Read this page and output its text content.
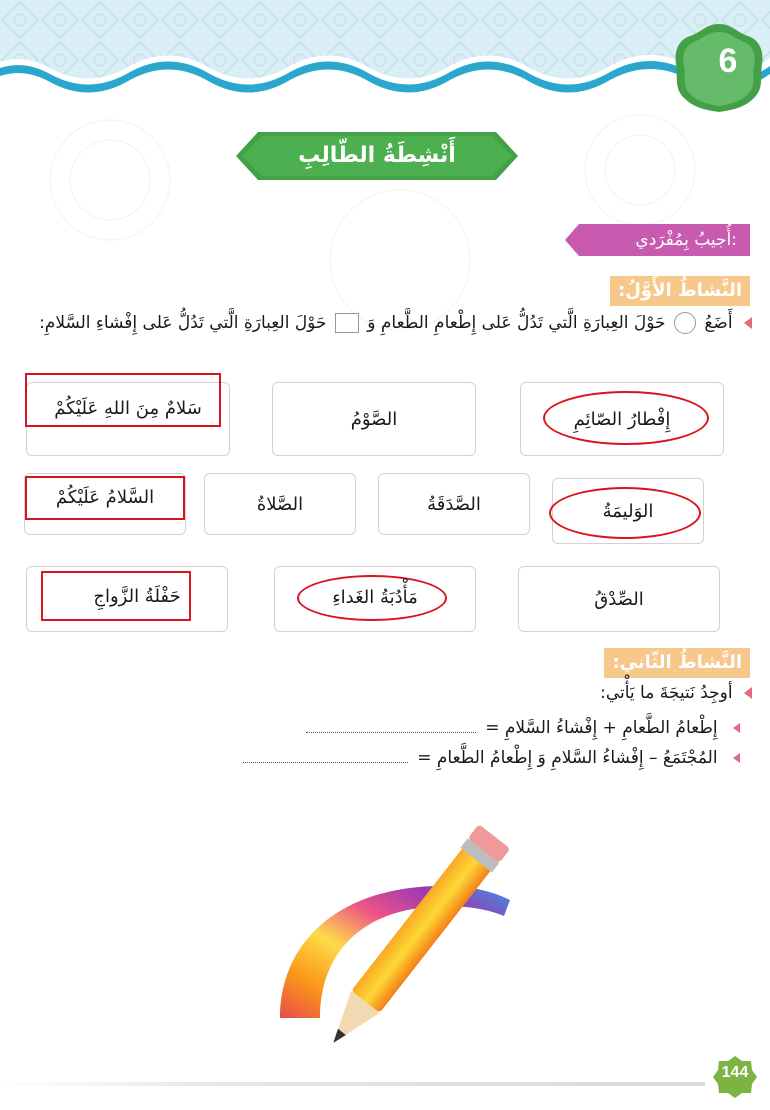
6
أَنْشِطَةُ الطّالِبِ
أُجيبُ بِمُفْرَدي:
النَّشاطُ الأَوَّلُ:
أَضَعُ  حَوْلَ العِبارَةِ الَّتي تَدُلُّ عَلى إِطْعامِ الطَّعامِ وَ  حَوْلَ العِبارَةِ الَّتي تَدُلُّ عَلى إِفْشاءِ السَّلامِ:
إِفْطارُ الصّائِمِ
الصَّوْمُ
سَلامٌ مِنَ اللهِ عَلَيْكُمْ
الوَليمَةُ
الصَّدَقَةُ
الصَّلاةُ
السَّلامُ عَلَيْكُمْ
الصِّدْقُ
مَأْدُبَةُ الغَداءِ
حَفْلَةُ الزَّواجِ
النَّشاطُ الثّاني:
أوجِدُ نَتيجَةَ ما يَأْتي:
إِطْعامُ الطَّعامِ + إِفْشاءُ السَّلامِ =
المُجْتَمَعُ – إِفْشاءُ السَّلامِ وَ إِطْعامُ الطَّعامِ =
144
